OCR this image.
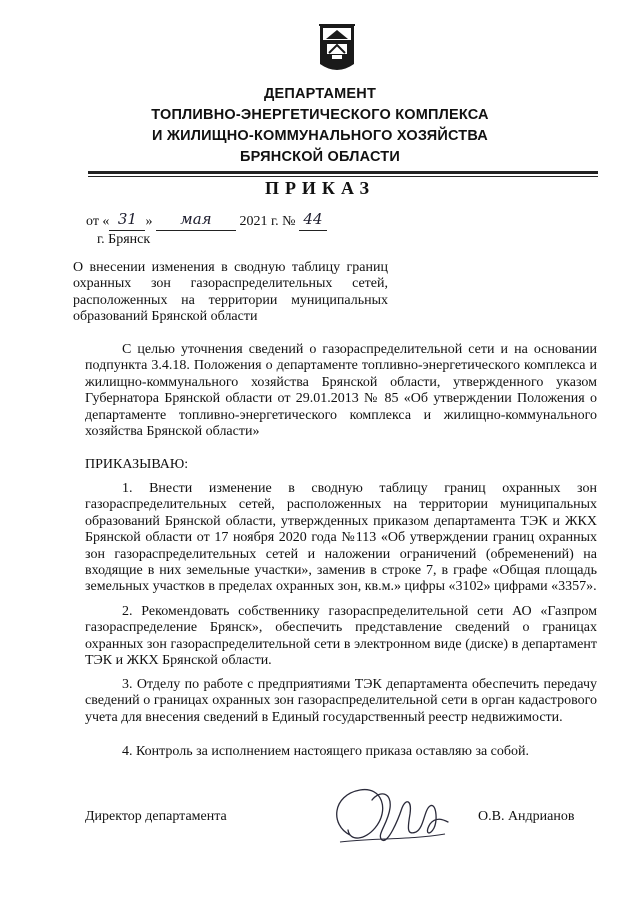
ДЕПАРТАМЕНТ
ТОПЛИВНО-ЭНЕРГЕТИЧЕСКОГО КОМПЛЕКСА
И ЖИЛИЩНО-КОММУНАЛЬНОГО ХОЗЯЙСТВА
БРЯНСКОЙ ОБЛАСТИ
ПРИКАЗ
от « 31 » мая 2021 г. № 44
г. Брянск
О внесении изменения в сводную таблицу границ охранных зон газораспределительных сетей, расположенных на территории муниципальных образований Брянской области
С целью уточнения сведений о газораспределительной сети и на основании подпункта 3.4.18. Положения о департаменте топливно-энергетического комплекса и жилищно-коммунального хозяйства Брянской области, утвержденного указом Губернатора Брянской области от 29.01.2013 № 85 «Об утверждении Положения о департаменте топливно-энергетического комплекса и жилищно-коммунального хозяйства Брянской области»
ПРИКАЗЫВАЮ:
1. Внести изменение в сводную таблицу границ охранных зон газораспределительных сетей, расположенных на территории муниципальных образований Брянской области, утвержденных приказом департамента ТЭК и ЖКХ Брянской области от 17 ноября 2020 года №113 «Об утверждении границ охранных зон газораспределительных сетей и наложении ограничений (обременений) на входящие в них земельные участки», заменив в строке 7, в графе «Общая площадь земельных участков в пределах охранных зон, кв.м.» цифры «3102» цифрами «3357».
2. Рекомендовать собственнику газораспределительной сети АО «Газпром газораспределение Брянск», обеспечить представление сведений о границах охранных зон газораспределительной сети в электронном виде (диске) в департамент ТЭК и ЖКХ Брянской области.
3. Отделу по работе с предприятиями ТЭК департамента обеспечить передачу сведений о границах охранных зон газораспределительной сети в орган кадастрового учета для внесения сведений в Единый государственный реестр недвижимости.
4. Контроль за исполнением настоящего приказа оставляю за собой.
Директор департамента	О.В. Андрианов
